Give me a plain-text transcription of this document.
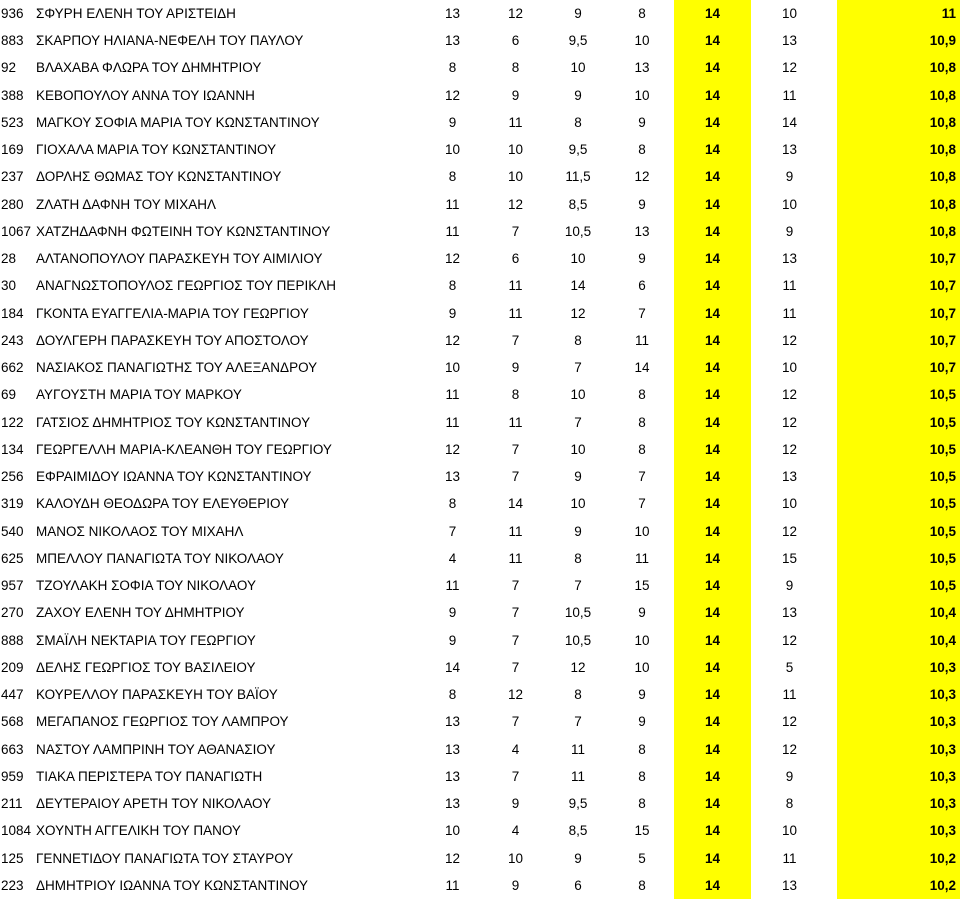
936	ΣΦΥΡΗ ΕΛΕΝΗ ΤΟΥ ΑΡΙΣΤΕΙΔΗ	13	12	9	8	14	10		11
883	ΣΚΑΡΠΟΥ ΗΛΙΑΝΑ-ΝΕΦΕΛΗ ΤΟΥ ΠΑΥΛΟΥ	13	6	9,5	10	14	13		10,9
92	ΒΛΑΧΑΒΑ ΦΛΩΡΑ ΤΟΥ ΔΗΜΗΤΡΙΟΥ	8	8	10	13	14	12		10,8
388	ΚΕΒΟΠΟΥΛΟΥ ΑΝΝΑ ΤΟΥ ΙΩΑΝΝΗ	12	9	9	10	14	11		10,8
523	ΜΑΓΚΟΥ ΣΟΦΙΑ ΜΑΡΙΑ ΤΟΥ ΚΩΝΣΤΑΝΤΙΝΟΥ	9	11	8	9	14	14		10,8
169	ΓΙΟΧΑΛΑ ΜΑΡΙΑ ΤΟΥ ΚΩΝΣΤΑΝΤΙΝΟΥ	10	10	9,5	8	14	13		10,8
237	ΔΟΡΛΗΣ ΘΩΜΑΣ ΤΟΥ ΚΩΝΣΤΑΝΤΙΝΟΥ	8	10	11,5	12	14	9		10,8
280	ΖΛΑΤΗ ΔΑΦΝΗ ΤΟΥ ΜΙΧΑΗΛ	11	12	8,5	9	14	10		10,8
1067	ΧΑΤΖΗΔΑΦΝΗ ΦΩΤΕΙΝΗ ΤΟΥ ΚΩΝΣΤΑΝΤΙΝΟΥ	11	7	10,5	13	14	9		10,8
28	ΑΛΤΑΝΟΠΟΥΛΟΥ ΠΑΡΑΣΚΕΥΗ ΤΟΥ ΑΙΜΙΛΙΟΥ	12	6	10	9	14	13		10,7
30	ΑΝΑΓΝΩΣΤΟΠΟΥΛΟΣ ΓΕΩΡΓΙΟΣ ΤΟΥ ΠΕΡΙΚΛΗ	8	11	14	6	14	11		10,7
184	ΓΚΟΝΤΑ ΕΥΑΓΓΕΛΙΑ-ΜΑΡΙΑ ΤΟΥ ΓΕΩΡΓΙΟΥ	9	11	12	7	14	11		10,7
243	ΔΟΥΛΓΕΡΗ ΠΑΡΑΣΚΕΥΗ ΤΟΥ ΑΠΟΣΤΟΛΟΥ	12	7	8	11	14	12		10,7
662	ΝΑΣΙΑΚΟΣ ΠΑΝΑΓΙΩΤΗΣ ΤΟΥ ΑΛΕΞΑΝΔΡΟΥ	10	9	7	14	14	10		10,7
69	ΑΥΓΟΥΣΤΗ ΜΑΡΙΑ ΤΟΥ ΜΑΡΚΟΥ	11	8	10	8	14	12		10,5
122	ΓΑΤΣΙΟΣ ΔΗΜΗΤΡΙΟΣ ΤΟΥ ΚΩΝΣΤΑΝΤΙΝΟΥ	11	11	7	8	14	12		10,5
134	ΓΕΩΡΓΕΛΛΗ ΜΑΡΙΑ-ΚΛΕΑΝΘΗ ΤΟΥ ΓΕΩΡΓΙΟΥ	12	7	10	8	14	12		10,5
256	ΕΦΡΑΙΜΙΔΟΥ ΙΩΑΝΝΑ ΤΟΥ ΚΩΝΣΤΑΝΤΙΝΟΥ	13	7	9	7	14	13		10,5
319	ΚΑΛΟΥΔΗ ΘΕΟΔΩΡΑ ΤΟΥ ΕΛΕΥΘΕΡΙΟΥ	8	14	10	7	14	10		10,5
540	ΜΑΝΟΣ ΝΙΚΟΛΑΟΣ ΤΟΥ ΜΙΧΑΗΛ	7	11	9	10	14	12		10,5
625	ΜΠΕΛΛΟΥ ΠΑΝΑΓΙΩΤΑ ΤΟΥ ΝΙΚΟΛΑΟΥ	4	11	8	11	14	15		10,5
957	ΤΖΟΥΛΑΚΗ ΣΟΦΙΑ ΤΟΥ ΝΙΚΟΛΑΟΥ	11	7	7	15	14	9		10,5
270	ΖΑΧΟΥ ΕΛΕΝΗ ΤΟΥ ΔΗΜΗΤΡΙΟΥ	9	7	10,5	9	14	13		10,4
888	ΣΜΑΪΛΗ ΝΕΚΤΑΡΙΑ ΤΟΥ ΓΕΩΡΓΙΟΥ	9	7	10,5	10	14	12		10,4
209	ΔΕΛΗΣ ΓΕΩΡΓΙΟΣ ΤΟΥ ΒΑΣΙΛΕΙΟΥ	14	7	12	10	14	5		10,3
447	ΚΟΥΡΕΛΛΟΥ ΠΑΡΑΣΚΕΥΗ ΤΟΥ ΒΑΪΟΥ	8	12	8	9	14	11		10,3
568	ΜΕΓΑΠΑΝΟΣ ΓΕΩΡΓΙΟΣ ΤΟΥ ΛΑΜΠΡΟΥ	13	7	7	9	14	12		10,3
663	ΝΑΣΤΟΥ ΛΑΜΠΡΙΝΗ ΤΟΥ ΑΘΑΝΑΣΙΟΥ	13	4	11	8	14	12		10,3
959	ΤΙΑΚΑ ΠΕΡΙΣΤΕΡΑ ΤΟΥ ΠΑΝΑΓΙΩΤΗ	13	7	11	8	14	9		10,3
211	ΔΕΥΤΕΡΑΙΟΥ ΑΡΕΤΗ ΤΟΥ ΝΙΚΟΛΑΟΥ	13	9	9,5	8	14	8		10,3
1084	ΧΟΥΝΤΗ ΑΓΓΕΛΙΚΗ ΤΟΥ ΠΑΝΟΥ	10	4	8,5	15	14	10		10,3
125	ΓΕΝΝΕΤΙΔΟΥ ΠΑΝΑΓΙΩΤΑ ΤΟΥ ΣΤΑΥΡΟΥ	12	10	9	5	14	11		10,2
223	ΔΗΜΗΤΡΙΟΥ ΙΩΑΝΝΑ ΤΟΥ ΚΩΝΣΤΑΝΤΙΝΟΥ	11	9	6	8	14	13		10,2
